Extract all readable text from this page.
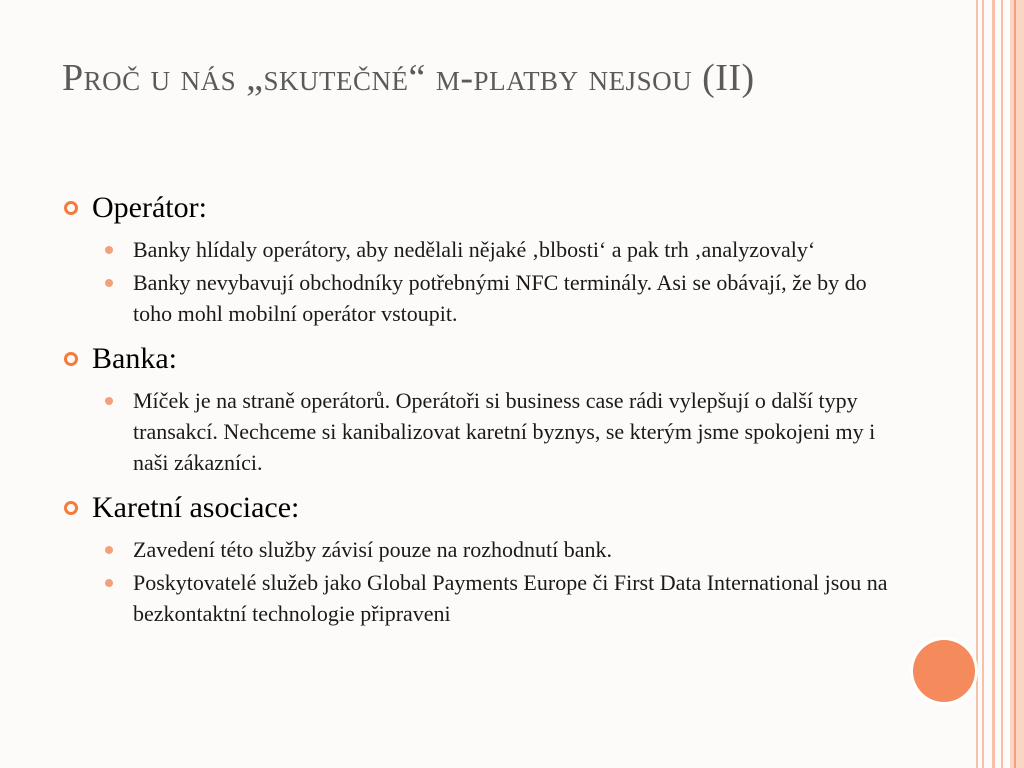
Proč u nás „skutečné“ m-platby nejsou (II)
Operátor:
Banky hlídaly operátory, aby nedělali nějaké ‚blbosti‘ a pak trh ‚analyzovaly‘
Banky nevybavují obchodníky potřebnými NFC terminály. Asi se obávají, že by do toho mohl mobilní operátor vstoupit.
Banka:
Míček je na straně operátorů. Operátoři si business case rádi vylepšují o další typy transakcí. Nechceme si kanibalizovat karetní byznys, se kterým jsme spokojeni my i naši zákazníci.
Karetní asociace:
Zavedení této služby závisí pouze na rozhodnutí bank.
Poskytovatelé služeb jako Global Payments Europe či First Data International jsou na bezkontaktní technologie připraveni
